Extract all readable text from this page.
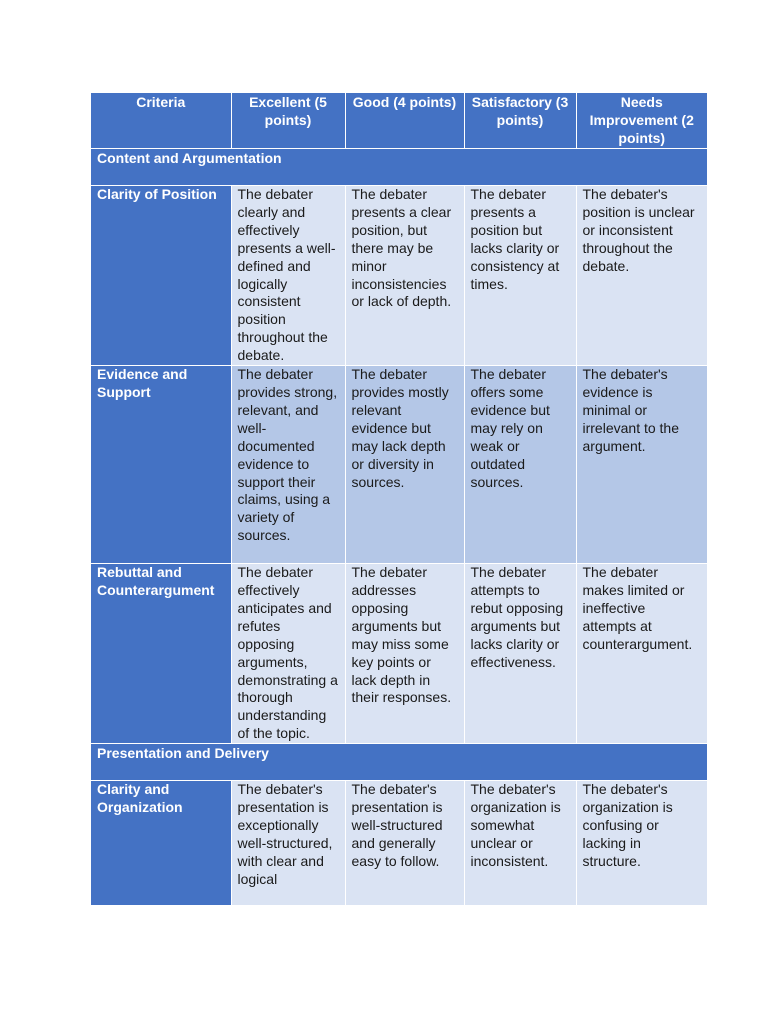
Criteria	Excellent (5 points)	Good (4 points)	Satisfactory (3 points)	Needs Improvement (2 points)
Content and Argumentation				
Clarity of Position	The debater clearly and effectively presents a well-defined and logically consistent position throughout the debate.	The debater presents a clear position, but there may be minor inconsistencies or lack of depth.	The debater presents a position but lacks clarity or consistency at times.	The debater's position is unclear or inconsistent throughout the debate.
Evidence and Support	The debater provides strong, relevant, and well-documented evidence to support their claims, using a variety of sources.	The debater provides mostly relevant evidence but may lack depth or diversity in sources.	The debater offers some evidence but may rely on weak or outdated sources.	The debater's evidence is minimal or irrelevant to the argument.
Rebuttal and Counterargument	The debater effectively anticipates and refutes opposing arguments, demonstrating a thorough understanding of the topic.	The debater addresses opposing arguments but may miss some key points or lack depth in their responses.	The debater attempts to rebut opposing arguments but lacks clarity or effectiveness.	The debater makes limited or ineffective attempts at counterargument.
Presentation and Delivery				
Clarity and Organization	The debater's presentation is exceptionally well-structured, with clear and logical	The debater's presentation is well-structured and generally easy to follow.	The debater's organization is somewhat unclear or inconsistent.	The debater's organization is confusing or lacking in structure.
